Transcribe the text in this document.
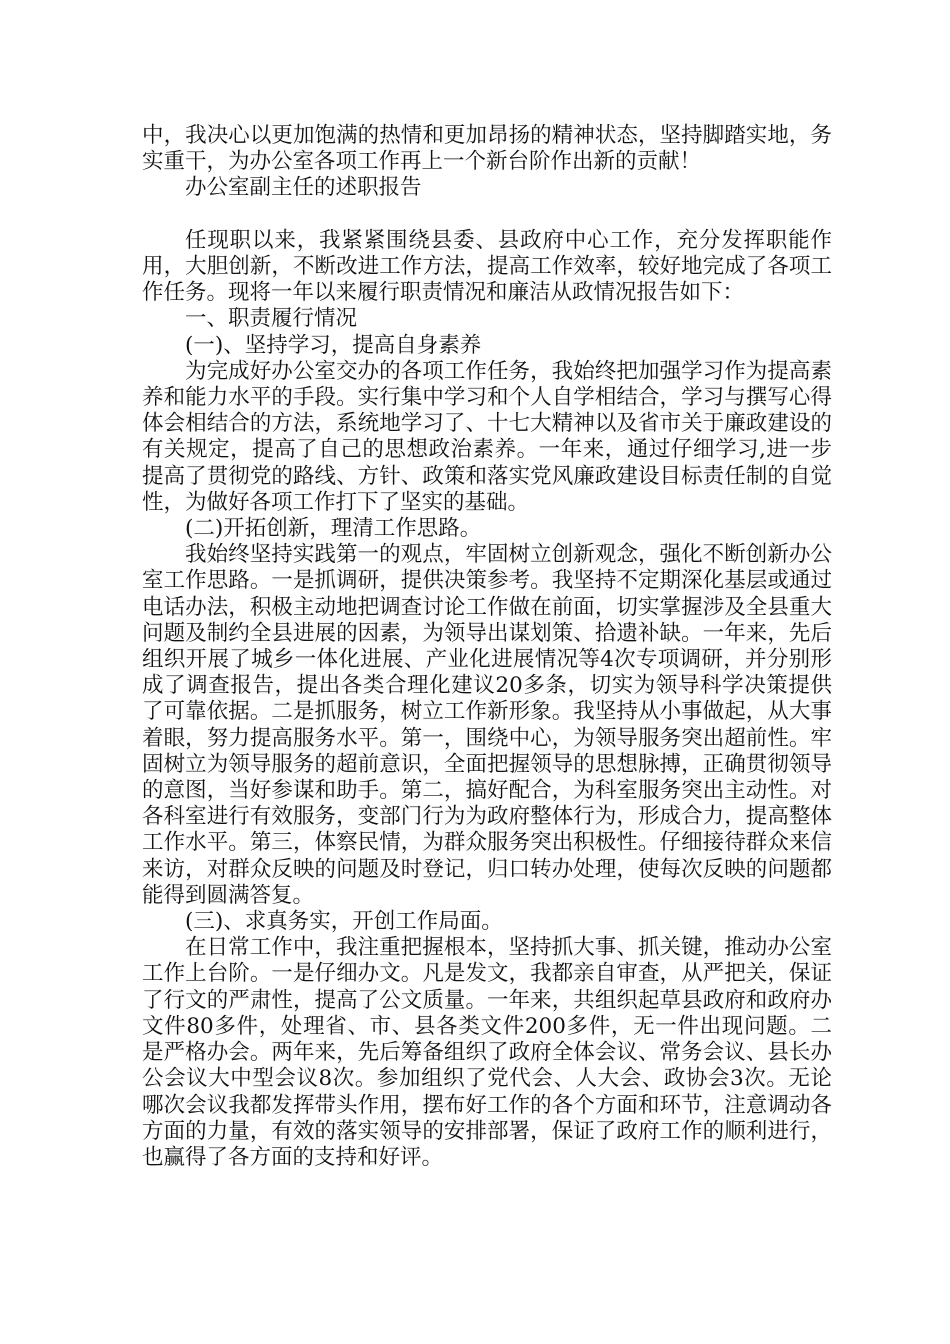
中，我决心以更加饱满的热情和更加昂扬的精神状态，坚持脚踏实地，务实重干，为办公室各项工作再上一个新台阶作出新的贡献！

办公室副主任的述职报告

任现职以来，我紧紧围绕县委、县政府中心工作，充分发挥职能作用，大胆创新，不断改进工作方法，提高工作效率，较好地完成了各项工作任务。现将一年以来履行职责情况和廉洁从政情况报告如下：

一、职责履行情况

(一)、坚持学习，提高自身素养

为完成好办公室交办的各项工作任务，我始终把加强学习作为提高素养和能力水平的手段。实行集中学习和个人自学相结合，学习与撰写心得体会相结合的方法，系统地学习了、十七大精神以及省市关于廉政建设的有关规定，提高了自己的思想政治素养。一年来，通过仔细学习,进一步提高了贯彻党的路线、方针、政策和落实党风廉政建设目标责任制的自觉性，为做好各项工作打下了坚实的基础。

(二)开拓创新，理清工作思路。

我始终坚持实践第一的观点，牢固树立创新观念，强化不断创新办公室工作思路。一是抓调研，提供决策参考。我坚持不定期深化基层或通过电话办法，积极主动地把调查讨论工作做在前面，切实掌握涉及全县重大问题及制约全县进展的因素，为领导出谋划策、拾遗补缺。一年来，先后组织开展了城乡一体化进展、产业化进展情况等4次专项调研，并分别形成了调查报告，提出各类合理化建议20多条，切实为领导科学决策提供了可靠依据。二是抓服务，树立工作新形象。我坚持从小事做起，从大事着眼，努力提高服务水平。第一，围绕中心，为领导服务突出超前性。牢固树立为领导服务的超前意识，全面把握领导的思想脉搏，正确贯彻领导的意图，当好参谋和助手。第二，搞好配合，为科室服务突出主动性。对各科室进行有效服务，变部门行为为政府整体行为，形成合力，提高整体工作水平。第三，体察民情，为群众服务突出积极性。仔细接待群众来信来访，对群众反映的问题及时登记，归口转办处理，使每次反映的问题都能得到圆满答复。

(三)、求真务实，开创工作局面。

在日常工作中，我注重把握根本，坚持抓大事、抓关键，推动办公室工作上台阶。一是仔细办文。凡是发文，我都亲自审查，从严把关，保证了行文的严肃性，提高了公文质量。一年来，共组织起草县政府和政府办文件80多件，处理省、市、县各类文件200多件，无一件出现问题。二是严格办会。两年来，先后筹备组织了政府全体会议、常务会议、县长办公会议大中型会议8次。参加组织了党代会、人大会、政协会3次。无论哪次会议我都发挥带头作用，摆布好工作的各个方面和环节，注意调动各方面的力量，有效的落实领导的安排部署，保证了政府工作的顺利进行，也赢得了各方面的支持和好评。
